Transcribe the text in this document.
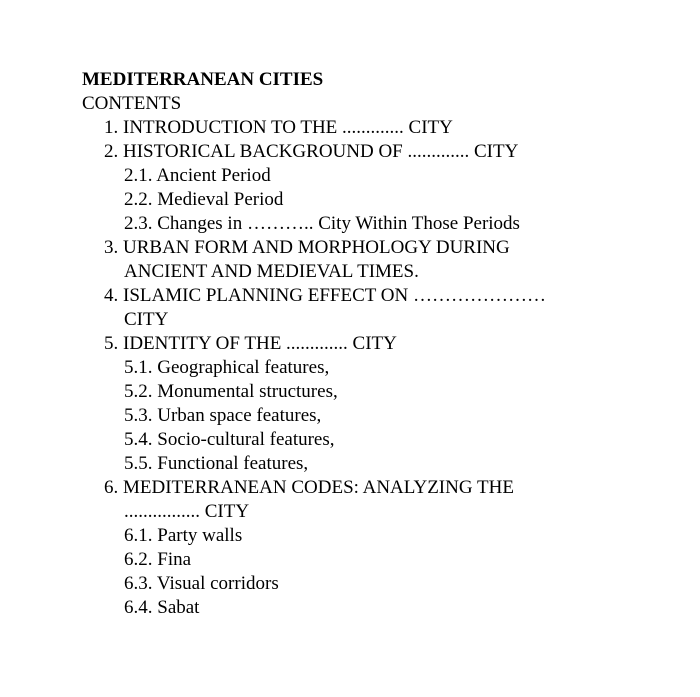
MEDITERRANEAN CITIES
CONTENTS
1. INTRODUCTION TO THE ............. CITY
2. HISTORICAL BACKGROUND OF ............. CITY
2.1. Ancient Period
2.2. Medieval Period
2.3. Changes in ……….. City Within Those Periods
3. URBAN FORM AND MORPHOLOGY DURING
ANCIENT AND MEDIEVAL TIMES.
4. ISLAMIC PLANNING EFFECT ON …………………
CITY
5. IDENTITY OF THE ............. CITY
5.1. Geographical features,
5.2. Monumental structures,
5.3. Urban space features,
5.4. Socio-cultural features,
5.5. Functional features,
6. MEDITERRANEAN CODES: ANALYZING THE
................ CITY
6.1. Party walls
6.2. Fina
6.3. Visual corridors
6.4. Sabat
